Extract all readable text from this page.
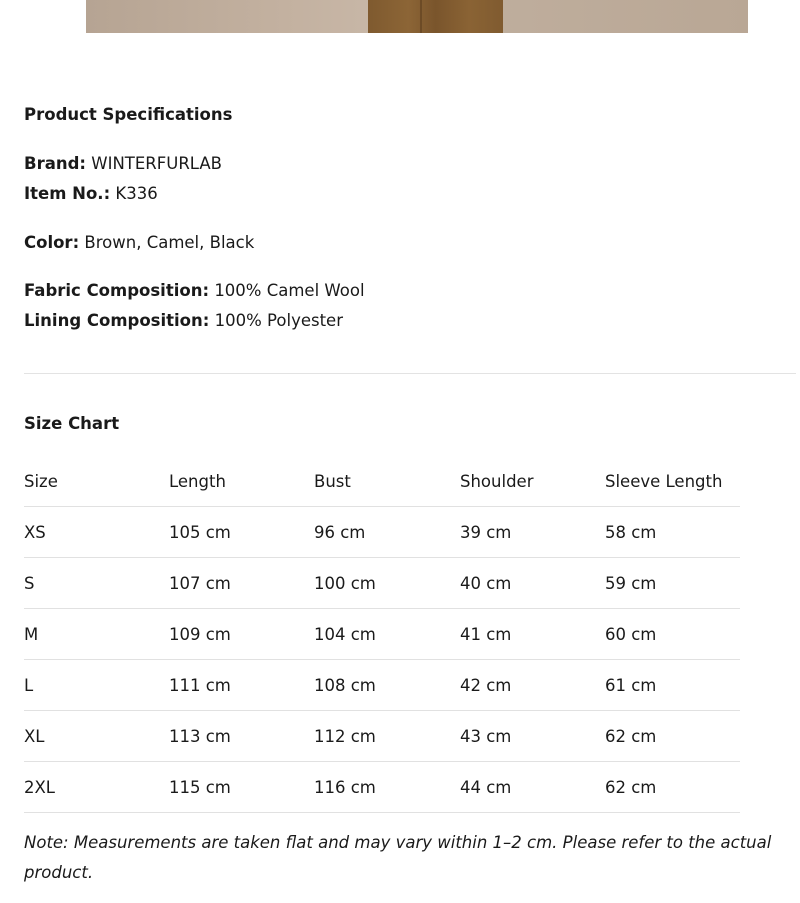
Product Specifications

Brand: WINTERFURLAB

Item No.: K336

Color: Brown, Camel, Black

Fabric Composition: 100% Camel Wool

Lining Composition: 100% Polyester

Size Chart

Size	Length	Bust	Shoulder	Sleeve Length
XS	105 cm	96 cm	39 cm	58 cm
S	107 cm	100 cm	40 cm	59 cm
M	109 cm	104 cm	41 cm	60 cm
L	111 cm	108 cm	42 cm	61 cm
XL	113 cm	112 cm	43 cm	62 cm
2XL	115 cm	116 cm	44 cm	62 cm

Note: Measurements are taken flat and may vary within 1–2 cm. Please refer to the actual product.
